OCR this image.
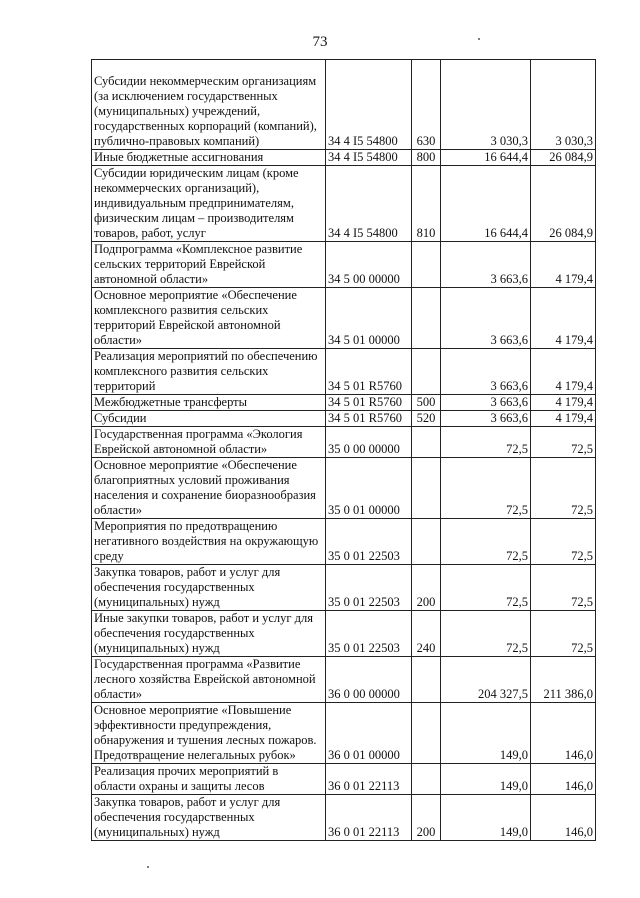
73
Субсидии некоммерческим организациям (за исключением государственных (муниципальных) учреждений, государственных корпораций (компаний), публично-правовых компаний)	34 4 I5 54800	630	3 030,3	3 030,3
Иные бюджетные ассигнования	34 4 I5 54800	800	16 644,4	26 084,9
Субсидии юридическим лицам (кроме некоммерческих организаций), индивидуальным предпринимателям, физическим лицам – производителям товаров, работ, услуг	34 4 I5 54800	810	16 644,4	26 084,9
Подпрограмма «Комплексное развитие сельских территорий Еврейской автономной области»	34 5 00 00000		3 663,6	4 179,4
Основное мероприятие «Обеспечение комплексного развития сельских территорий Еврейской автономной области»	34 5 01 00000		3 663,6	4 179,4
Реализация мероприятий по обеспечению комплексного развития сельских территорий	34 5 01 R5760		3 663,6	4 179,4
Межбюджетные трансферты	34 5 01 R5760	500	3 663,6	4 179,4
Субсидии	34 5 01 R5760	520	3 663,6	4 179,4
Государственная программа «Экология Еврейской автономной области»	35 0 00 00000		72,5	72,5
Основное мероприятие «Обеспечение благоприятных условий проживания населения и сохранение биоразнообразия области»	35 0 01 00000		72,5	72,5
Мероприятия по предотвращению негативного воздействия на окружающую среду	35 0 01 22503		72,5	72,5
Закупка товаров, работ и услуг для обеспечения государственных (муниципальных) нужд	35 0 01 22503	200	72,5	72,5
Иные закупки товаров, работ и услуг для обеспечения государственных (муниципальных) нужд	35 0 01 22503	240	72,5	72,5
Государственная программа «Развитие лесного хозяйства Еврейской автономной области»	36 0 00 00000		204 327,5	211 386,0
Основное мероприятие «Повышение эффективности предупреждения, обнаружения и тушения лесных пожаров. Предотвращение нелегальных рубок»	36 0 01 00000		149,0	146,0
Реализация прочих мероприятий в области охраны и защиты лесов	36 0 01 22113		149,0	146,0
Закупка товаров, работ и услуг для обеспечения государственных (муниципальных) нужд	36 0 01 22113	200	149,0	146,0
